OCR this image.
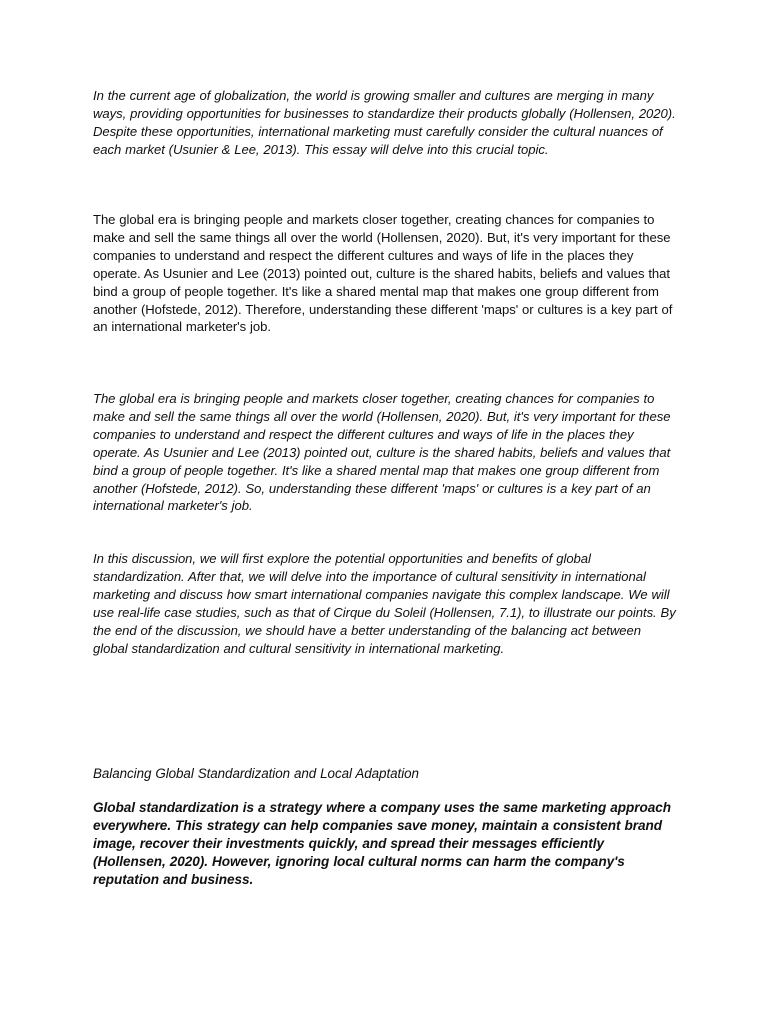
In the current age of globalization, the world is growing smaller and cultures are merging in many ways, providing opportunities for businesses to standardize their products globally (Hollensen, 2020). Despite these opportunities, international marketing must carefully consider the cultural nuances of each market (Usunier & Lee, 2013). This essay will delve into this crucial topic.

The global era is bringing people and markets closer together, creating chances for companies to make and sell the same things all over the world (Hollensen, 2020). But, it's very important for these companies to understand and respect the different cultures and ways of life in the places they operate. As Usunier and Lee (2013) pointed out, culture is the shared habits, beliefs and values that bind a group of people together. It's like a shared mental map that makes one group different from another (Hofstede, 2012). Therefore, understanding these different 'maps' or cultures is a key part of an international marketer's job.

The global era is bringing people and markets closer together, creating chances for companies to make and sell the same things all over the world (Hollensen, 2020). But, it's very important for these companies to understand and respect the different cultures and ways of life in the places they operate. As Usunier and Lee (2013) pointed out, culture is the shared habits, beliefs and values that bind a group of people together. It's like a shared mental map that makes one group different from another (Hofstede, 2012). So, understanding these different 'maps' or cultures is a key part of an international marketer's job.

In this discussion, we will first explore the potential opportunities and benefits of global standardization. After that, we will delve into the importance of cultural sensitivity in international marketing and discuss how smart international companies navigate this complex landscape. We will use real-life case studies, such as that of Cirque du Soleil (Hollensen, 7.1), to illustrate our points. By the end of the discussion, we should have a better understanding of the balancing act between global standardization and cultural sensitivity in international marketing.

Balancing Global Standardization and Local Adaptation

Global standardization is a strategy where a company uses the same marketing approach everywhere. This strategy can help companies save money, maintain a consistent brand image, recover their investments quickly, and spread their messages efficiently (Hollensen, 2020). However, ignoring local cultural norms can harm the company's reputation and business.
